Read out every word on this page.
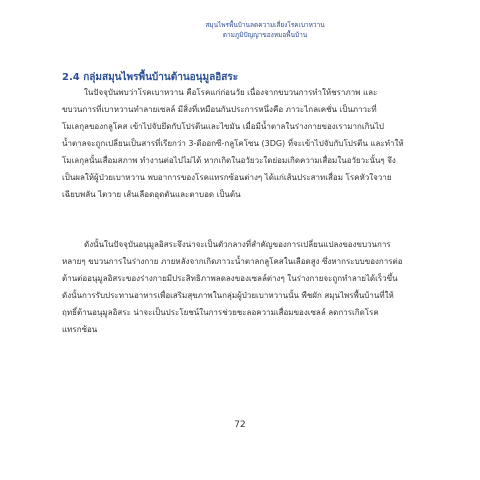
สมุนไพรพื้นบ้านลดความเสี่ยงโรคเบาหวาน
ตามภูมิปัญญาของหมอพื้นบ้าน
2.4 กลุ่มสมุนไพรพื้นบ้านต้านอนุมูลอิสระ
ในปัจจุบันพบว่าโรคเบาหวาน คือโรคแก่ก่อนวัย เนื่องจากขบวนการทำให้ชราภาพ และ
ขบวนการที่เบาหวานทำลายเซลล์ มีสิ่งที่เหมือนกันประการหนึ่งคือ ภาวะไกลเคชั่น เป็นภาวะที่
โมเลกุลของกลูโคส เข้าไปจับยึดกับโปรตีนและไขมัน เมื่อมีน้ำตาลในร่างกายของเรามากเกินไป
น้ำตาลจะถูกเปลี่ยนเป็นสารที่เรียกว่า 3-ดีออกซี-กลูโคโซน (3DG) ที่จะเข้าไปจับกับโปรตีน และทำให้
โมเลกุลนั้นเสื่อมสภาพ ทำงานต่อไปไม่ได้ หากเกิดในอวัยวะใดย่อมเกิดความเสื่อมในอวัยวะนั้นๆ จึง
เป็นผลให้ผู้ป่วยเบาหวาน พบอาการของโรคแทรกซ้อนต่างๆ ได้แก่เส้นประสาทเสื่อม โรคหัวใจวาย
เฉียบพลัน ไตวาย เส้นเลือดอุดตันและตาบอด เป็นต้น
ดังนั้นในปัจจุบันอนุมูลอิสระจึงน่าจะเป็นตัวกลางที่สำคัญของการเปลี่ยนแปลงของขบวนการ
หลายๆ ขบวนการในร่างกาย ภายหลังจากเกิดภาวะน้ำตาลกลูโคสในเลือดสูง ซึ่งหากระบบของการต่อ
ต้านต่ออนุมูลอิสระของร่างกายมีประสิทธิภาพลดลงของเซลล์ต่างๆ ในร่างกายจะถูกทำลายได้เร็วขึ้น
ดังนั้นการรับประทานอาหารเพื่อเสริมสุขภาพในกลุ่มผู้ป่วยเบาหวานนั้น พืชผัก สมุนไพรพื้นบ้านที่ให้
ฤทธิ์ต้านอนุมูลอิสระ น่าจะเป็นประโยชน์ในการช่วยชะลอความเสื่อมของเซลล์ ลดการเกิดโรค
แทรกซ้อน
72
